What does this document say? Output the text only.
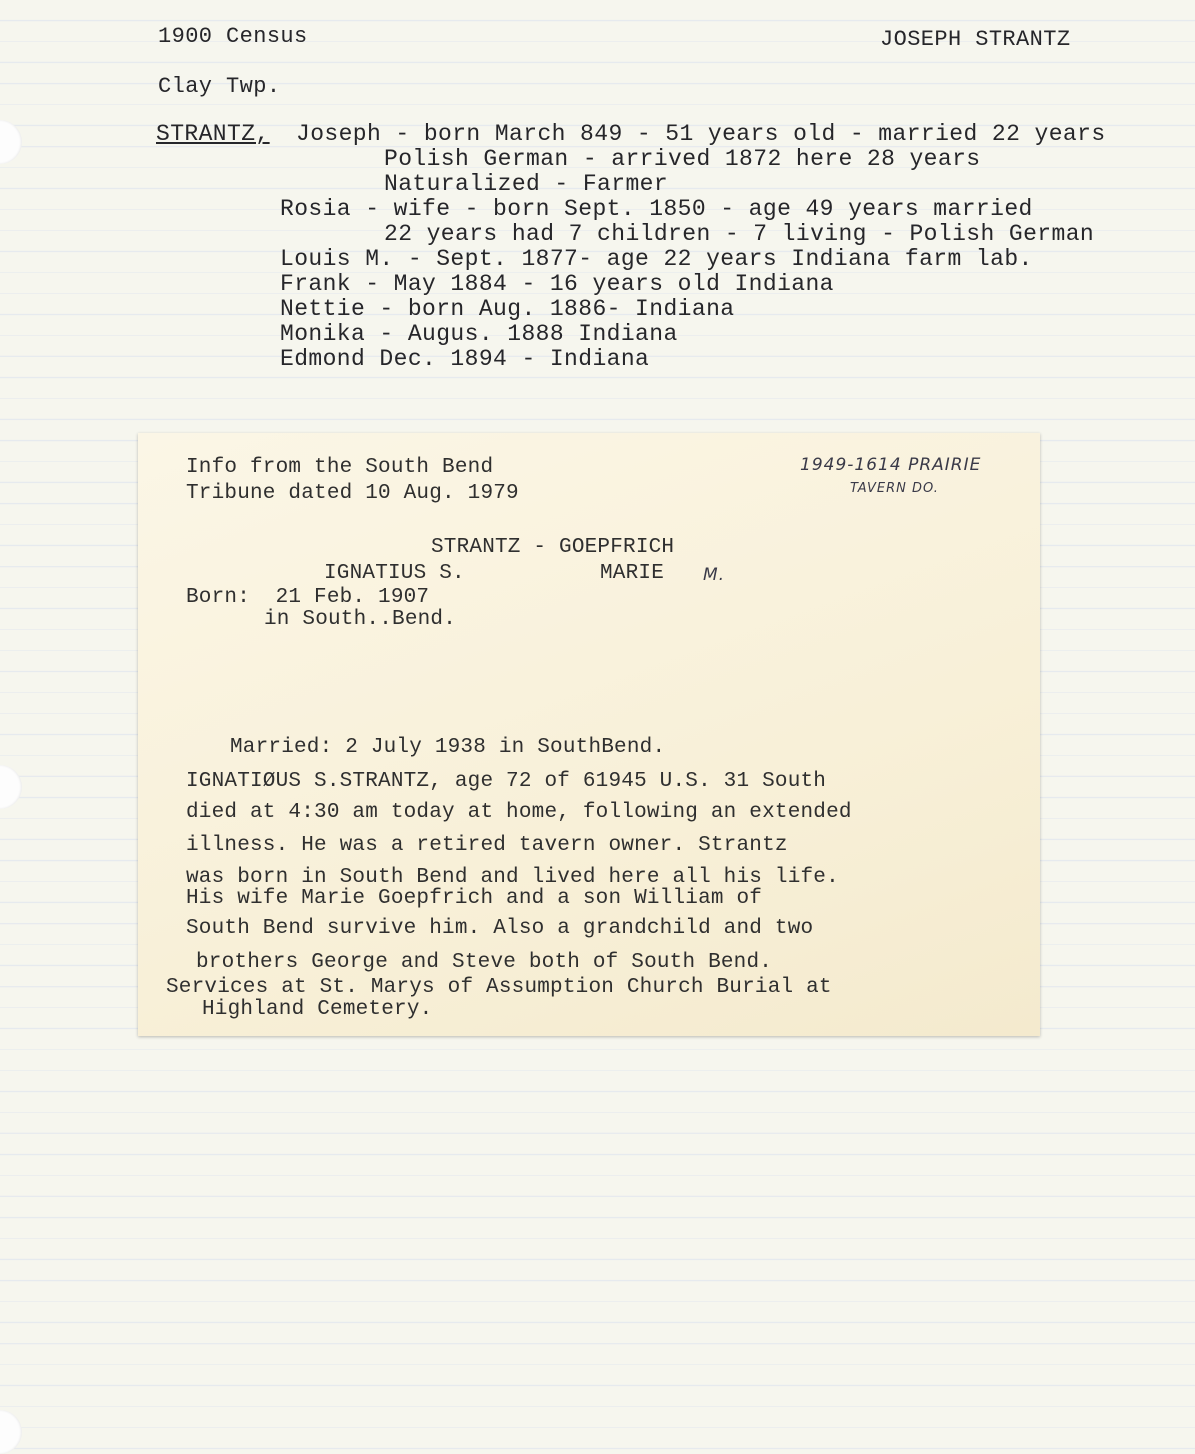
1900 Census	JOSEPH STRANTZ
Clay Twp.
STRANTZ, Joseph - born March 849 - 51 years old - married 22 years
Polish German - arrived 1872 here 28 years
Naturalized - Farmer
Rosia - wife - born Sept. 1850 - age 49 years married
22 years had 7 children - 7 living - Polish German
Louis M. - Sept. 1877- age 22 years Indiana farm lab.
Frank - May 1884 - 16 years old Indiana
Nettie - born Aug. 1886- Indiana
Monika - Augus. 1888 Indiana
Edmond Dec. 1894 - Indiana
Info from the South Bend
Tribune dated 10 Aug. 1979
1949-1614 PRAIRIE
TAVERN DO.
STRANTZ - GOEPFRICH
IGNATIUS S.	MARIE M.
Born:  21 Feb. 1907
in South..Bend.
Married: 2 July 1938 in SouthBend.
IGNATIØUS S.STRANTZ, age 72 of 61945 U.S. 31 South
died at 4:30 am today at home, following an extended
illness. He was a retired tavern owner. Strantz
was born in South Bend and lived here all his life.
His wife Marie Goepfrich and a son William of
South Bend survive him. Also a grandchild and two
brothers George and Steve both of South Bend.
Services at St. Marys of Assumption Church Burial at
Highland Cemetery.
